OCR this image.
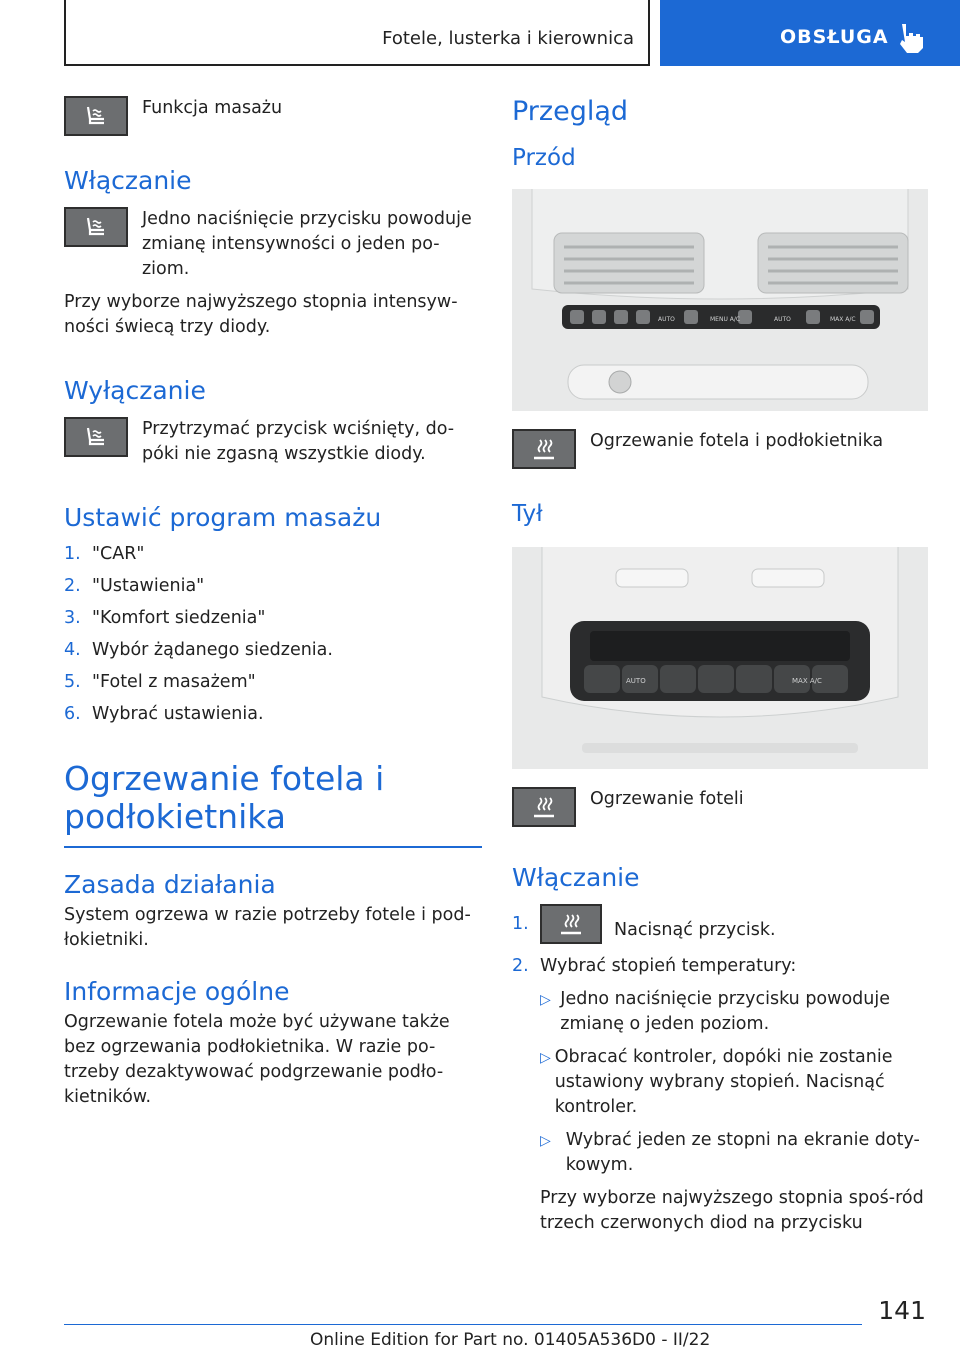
Fotele, lusterka i kierownica	OBSŁUGA
Funkcja masażu
Włączanie
Jedno naciśnięcie przycisku powoduje zmianę intensywności o jeden po-ziom.
Przy wyborze najwyższego stopnia intensyw-ności świecą trzy diody.
Wyłączanie
Przytrzymać przycisk wciśnięty, do-póki nie zgasną wszystkie diody.
Ustawić program masażu
1. "CAR"
2. "Ustawienia"
3. "Komfort siedzenia"
4. Wybór żądanego siedzenia.
5. "Fotel z masażem"
6. Wybrać ustawienia.
Ogrzewanie fotela i
podłokietnika
Zasada działania
System ogrzewa w razie potrzeby fotele i pod-łokietniki.
Informacje ogólne
Ogrzewanie fotela może być używane także bez ogrzewania podłokietnika. W razie po-trzeby dezaktywować podgrzewanie podło-kietników.
Przegląd
Przód
AUTO	MENU A/C	AUTO	MAX A/C
Ogrzewanie fotela i podłokietnika
Tył
AUTO	MAX A/C
Ogrzewanie foteli
Włączanie
1.	Nacisnąć przycisk.
2. Wybrać stopień temperatury:
▷ Jedno naciśnięcie przycisku powoduje zmianę o jeden poziom.
▷ Obracać kontroler, dopóki nie zostanie ustawiony wybrany stopień. Nacisnąć kontroler.
▷ Wybrać jeden ze stopni na ekranie doty-kowym.
Przy wyborze najwyższego stopnia spoś-ród trzech czerwonych diod na przycisku
141
Online Edition for Part no. 01405A536D0 - II/22
